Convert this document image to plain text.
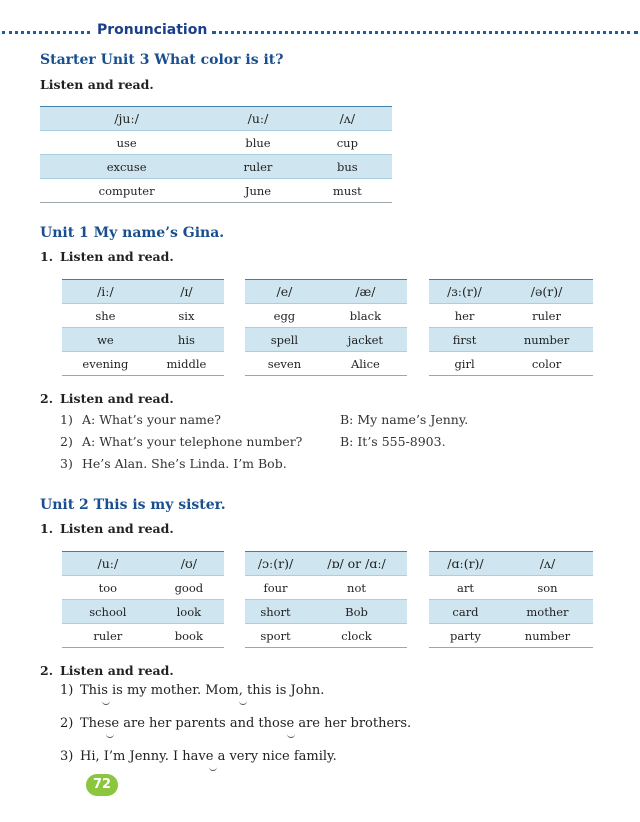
Pronunciation
Starter Unit 3 What color is it?
Listen and read.
/juː/	/uː/	/ʌ/
use	blue	cup
excuse	ruler	bus
computer	June	must
Unit 1 My name’s Gina.
1. Listen and read.
/iː/	/ɪ/
she	six
we	his
evening	middle
/e/	/æ/
egg	black
spell	jacket
seven	Alice
/ɜː(r)/	/ə(r)/
her	ruler
first	number
girl	color
2. Listen and read.
1) A: What’s your name?	B: My name’s Jenny.
2) A: What’s your telephone number?	B: It’s 555-8903.
3) He’s Alan. She’s Linda. I’m Bob.
Unit 2 This is my sister.
1. Listen and read.
/uː/	/ʊ/
too	good
school	look
ruler	book
/ɔː(r)/	/ɒ/ or /ɑː/
four	not
short	Bob
sport	clock
/ɑː(r)/	/ʌ/
art	son
card	mother
party	number
2. Listen and read.
1) This is my mother. Mom, this is John.
2) These are her parents and those are her brothers.
3) Hi, I’m Jenny. I have a very nice family.
72
